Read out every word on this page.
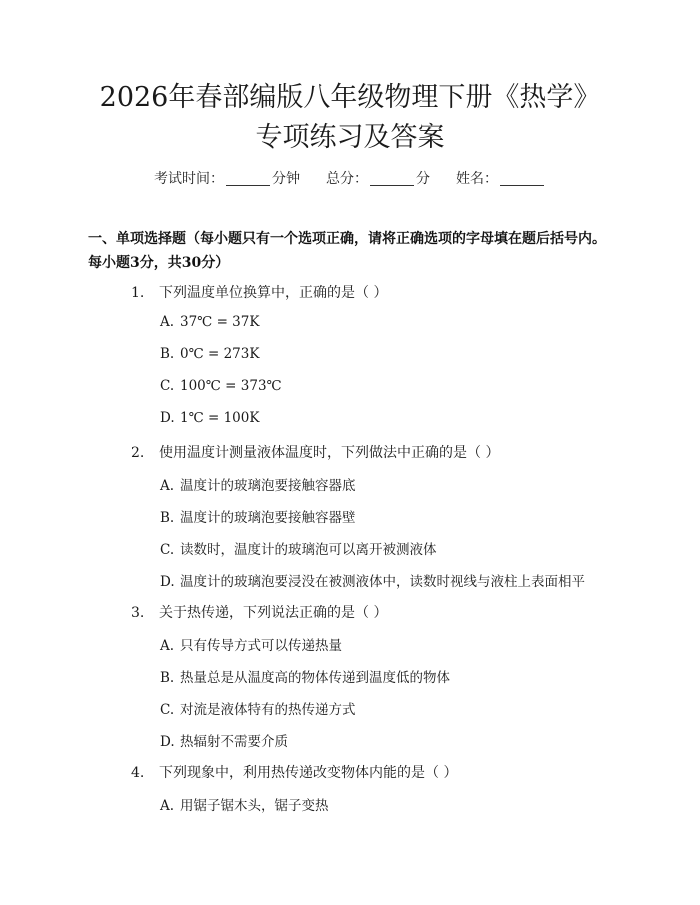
2026年春部编版八年级物理下册《热学》专项练习及答案
考试时间：	分钟 总分：	分 姓名：
一、单项选择题（每小题只有一个选项正确，请将正确选项的字母填在题后括号内。每小题3分，共30分）
1. 下列温度单位换算中，正确的是（ ）
A. 37℃ = 37K
B. 0℃ = 273K
C. 100℃ = 373℃
D. 1℃ = 100K
2. 使用温度计测量液体温度时，下列做法中正确的是（ ）
A. 温度计的玻璃泡要接触容器底
B. 温度计的玻璃泡要接触容器壁
C. 读数时，温度计的玻璃泡可以离开被测液体
D. 温度计的玻璃泡要浸没在被测液体中，读数时视线与液柱上表面相平
3. 关于热传递，下列说法正确的是（ ）
A. 只有传导方式可以传递热量
B. 热量总是从温度高的物体传递到温度低的物体
C. 对流是液体特有的热传递方式
D. 热辐射不需要介质
4. 下列现象中，利用热传递改变物体内能的是（ ）
A. 用锯子锯木头，锯子变热
